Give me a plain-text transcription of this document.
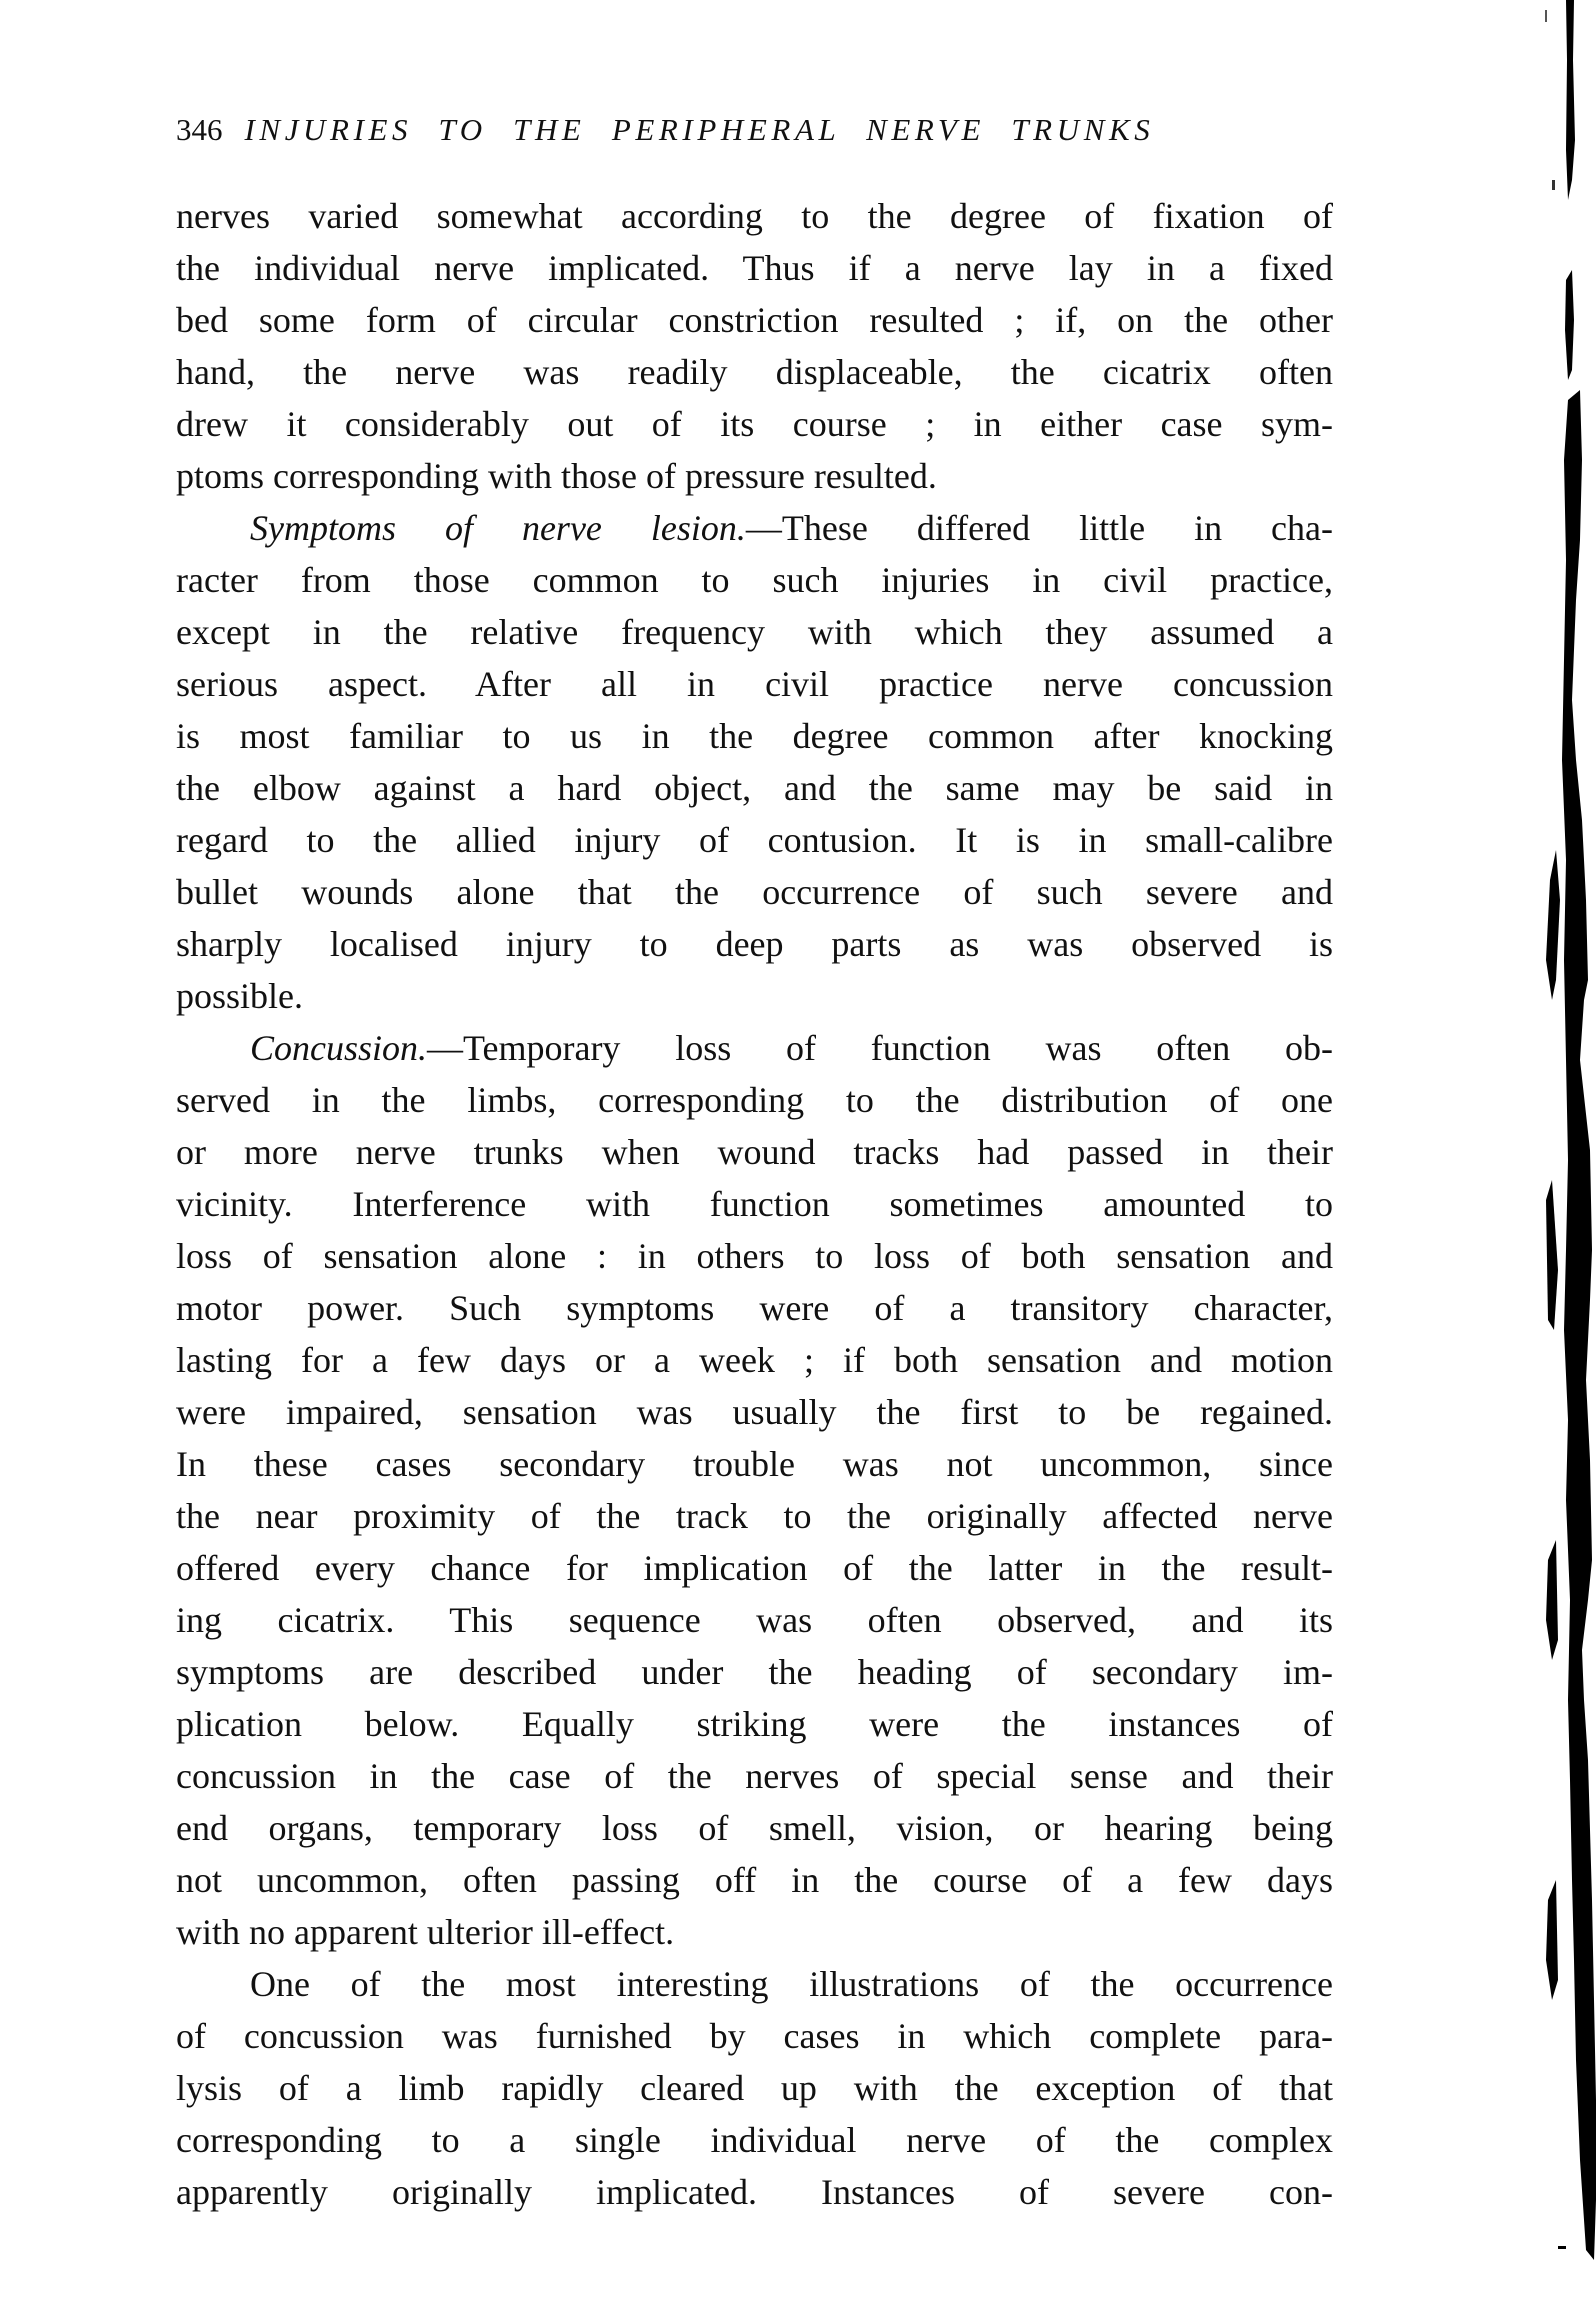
346 INJURIES TO THE PERIPHERAL NERVE TRUNKS
nerves varied somewhat according to the degree of fixation of
the individual nerve implicated. Thus if a nerve lay in a fixed
bed some form of circular constriction resulted ; if, on the other
hand, the nerve was readily displaceable, the cicatrix often
drew it considerably out of its course ; in either case sym-
ptoms corresponding with those of pressure resulted.
Symptoms of nerve lesion.—These differed little in cha-
racter from those common to such injuries in civil practice,
except in the relative frequency with which they assumed a
serious aspect. After all in civil practice nerve concussion
is most familiar to us in the degree common after knocking
the elbow against a hard object, and the same may be said in
regard to the allied injury of contusion. It is in small-calibre
bullet wounds alone that the occurrence of such severe and
sharply localised injury to deep parts as was observed is
possible.
Concussion.—Temporary loss of function was often ob-
served in the limbs, corresponding to the distribution of one
or more nerve trunks when wound tracks had passed in their
vicinity. Interference with function sometimes amounted to
loss of sensation alone : in others to loss of both sensation and
motor power. Such symptoms were of a transitory character,
lasting for a few days or a week ; if both sensation and motion
were impaired, sensation was usually the first to be regained.
In these cases secondary trouble was not uncommon, since
the near proximity of the track to the originally affected nerve
offered every chance for implication of the latter in the result-
ing cicatrix. This sequence was often observed, and its
symptoms are described under the heading of secondary im-
plication below. Equally striking were the instances of
concussion in the case of the nerves of special sense and their
end organs, temporary loss of smell, vision, or hearing being
not uncommon, often passing off in the course of a few days
with no apparent ulterior ill-effect.
One of the most interesting illustrations of the occurrence
of concussion was furnished by cases in which complete para-
lysis of a limb rapidly cleared up with the exception of that
corresponding to a single individual nerve of the complex
apparently originally implicated. Instances of severe con-
